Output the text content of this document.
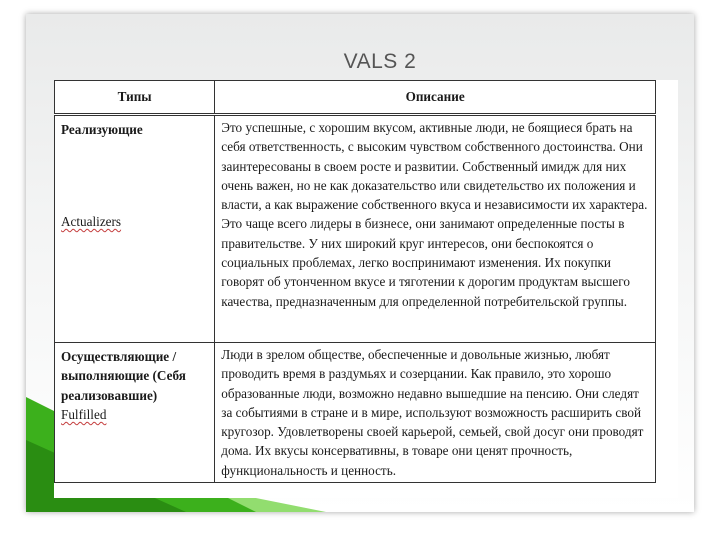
VALS 2
Типы	Описание
Реализующие
Actualizers	Это успешные, с хорошим вкусом, активные люди, не боящиеся брать на себя ответственность, с высоким чувством собственного достоинства. Они заинтересованы в своем росте и развитии. Собственный имидж для них очень важен, но не как доказательство или свидетельство их положения и власти, а как выражение собственного вкуса и независимости их характера. Это чаще всего лидеры в бизнесе, они занимают определенные посты в правительстве. У них широкий круг интересов, они беспокоятся о социальных проблемах, легко воспринимают изменения. Их покупки говорят об утонченном вкусе и тяготении к дорогим продуктам высшего качества, предназначенным для определенной потребительской группы.
Осуществляющие / выполняющие (Себя реализовавшие)
Fulfilled	Люди в зрелом обществе, обеспеченные и довольные жизнью, любят проводить время в раздумьях и созерцании. Как правило, это хорошо образованные люди, возможно недавно вышедшие на пенсию. Они следят за событиями в стране и в мире, используют возможность расширить свой кругозор. Удовлетворены своей карьерой, семьей, свой досуг они проводят дома. Их вкусы консервативны, в товаре они ценят прочность, функциональность и ценность.
